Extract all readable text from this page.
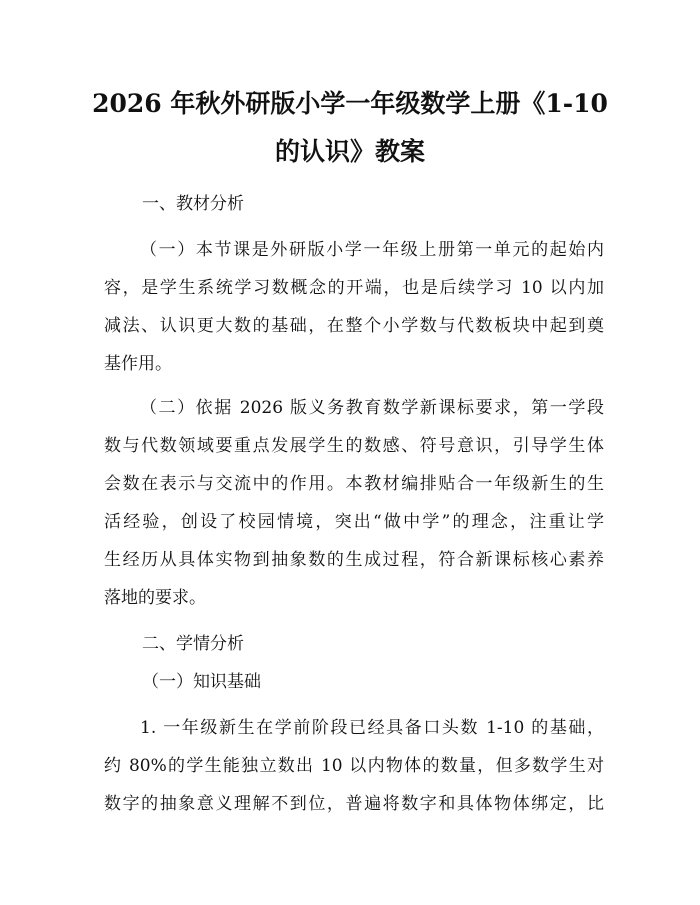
2026 年秋外研版小学一年级数学上册《1-10
的认识》教案
一、教材分析
（一）本节课是外研版小学一年级上册第一单元的起始内
容，是学生系统学习数概念的开端，也是后续学习 10 以内加
减法、认识更大数的基础，在整个小学数与代数板块中起到奠
基作用。
（二）依据 2026 版义务教育数学新课标要求，第一学段
数与代数领域要重点发展学生的数感、符号意识，引导学生体
会数在表示与交流中的作用。本教材编排贴合一年级新生的生
活经验，创设了校园情境，突出“做中学”的理念，注重让学
生经历从具体实物到抽象数的生成过程，符合新课标核心素养
落地的要求。
二、学情分析
（一）知识基础
1. 一年级新生在学前阶段已经具备口头数 1-10 的基础，
约 80%的学生能独立数出 10 以内物体的数量，但多数学生对
数字的抽象意义理解不到位，普遍将数字和具体物体绑定，比
